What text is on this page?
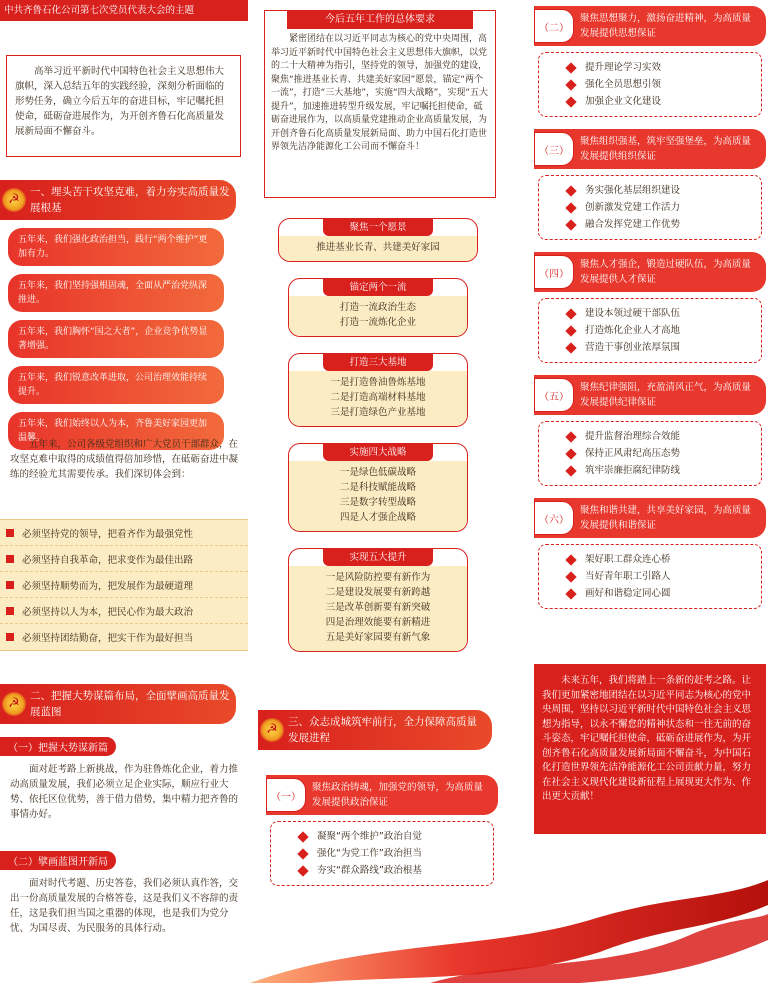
中共齐鲁石化公司第七次党员代表大会的主题
高举习近平新时代中国特色社会主义思想伟大旗帜，深入总结五年的实践经验，深刻分析面临的形势任务，确立今后五年的奋进目标，牢记嘱托担使命，砥砺奋进展作为，为开创齐鲁石化高质量发展新局面不懈奋斗。
☭ 一、埋头苦干攻坚克难，着力夯实高质量发展根基
五年来，我们强化政治担当，践行“两个维护”更加有力。
五年来，我们坚持强根固魂，全面从严治党纵深推进。
五年来，我们胸怀“国之大者”，企业竞争优势显著增强。
五年来，我们锐意改革进取，公司治理效能持续提升。
五年来，我们始终以人为本，齐鲁美好家园更加温馨。
五年来，公司各级党组织和广大党员干部群众，在攻坚克难中取得的成绩值得倍加珍惜，在砥砺奋进中凝练的经验尤其需要传承。我们深切体会到：
必须坚持党的领导，把看齐作为最强党性
必须坚持自我革命，把求变作为最佳出路
必须坚持顺势而为，把发展作为最硬道理
必须坚持以人为本，把民心作为最大政治
必须坚持团结勤奋，把实干作为最好担当
☭ 二、把握大势谋篇布局，全面擘画高质量发展蓝图
（一）把握大势谋新篇
面对赶考路上新挑战，作为驻鲁炼化企业，着力推动高质量发展，我们必须立足企业实际，顺应行业大势、依托区位优势，善于借力借势，集中精力把齐鲁的事情办好。
（二）擘画蓝图开新局
面对时代考题、历史答卷，我们必须认真作答，交出一份高质量发展的合格答卷，这是我们义不容辞的责任，这是我们担当国之重器的体现，也是我们为党分忧、为国尽责、为民服务的具体行动。
今后五年工作的总体要求
紧密团结在以习近平同志为核心的党中央周围，高举习近平新时代中国特色社会主义思想伟大旗帜，以党的二十大精神为指引，坚持党的领导，加强党的建设，聚焦“推进基业长青、共建美好家园”愿景，锚定“两个一流”，打造“三大基地”，实施“四大战略”，实现“五大提升”，加速推进转型升级发展，牢记嘱托担使命，砥砺奋进展作为，以高质量党建推动企业高质量发展，为开创齐鲁石化高质量发展新局面、助力中国石化打造世界领先洁净能源化工公司而不懈奋斗！
聚焦一个愿景
推进基业长青、共建美好家园
锚定两个一流
打造一流政治生态
打造一流炼化企业
打造三大基地
一是打造鲁油鲁炼基地
二是打造高端材料基地
三是打造绿色产业基地
实施四大战略
一是绿色低碳战略
二是科技赋能战略
三是数字转型战略
四是人才强企战略
实现五大提升
一是风险防控要有新作为
二是建设发展要有新跨越
三是改革创新要有新突破
四是治理效能要有新精进
五是美好家园要有新气象
☭ 三、众志成城筑牢前行，全力保障高质量发展进程
（一）
聚焦政治铸魂，加强党的领导，为高质量发展提供政治保证
凝聚“两个维护”政治自觉
强化“为党工作”政治担当
夯实“群众路线”政治根基
（二）
聚焦思想聚力，激扬奋进精神，为高质量发展提供思想保证
提升理论学习实效
强化全员思想引领
加强企业文化建设
（三）
聚焦组织强基，筑牢坚强堡垒，为高质量发展提供组织保证
务实强化基层组织建设
创新激发党建工作活力
融合发挥党建工作优势
（四）
聚焦人才强企，锻造过硬队伍，为高质量发展提供人才保证
建设本领过硬干部队伍
打造炼化企业人才高地
营造干事创业浓厚氛围
（五）
聚焦纪律强阻，充盈清风正气，为高质量发展提供纪律保证
提升监督治理综合效能
保持正风肃纪高压态势
筑牢崇廉拒腐纪律防线
（六）
聚焦和谐共建，共享美好家园，为高质量发展提供和谐保证
架好职工群众连心桥
当好青年职工引路人
画好和谐稳定同心圆
未来五年，我们将踏上一条新的赶考之路。让我们更加紧密地团结在以习近平同志为核心的党中央周围，坚持以习近平新时代中国特色社会主义思想为指导，以永不懈怠的精神状态和一往无前的奋斗姿态，牢记嘱托担使命，砥砺奋进展作为，为开创齐鲁石化高质量发展新局面不懈奋斗，为中国石化打造世界领先洁净能源化工公司贡献力量，努力在社会主义现代化建设新征程上展现更大作为、作出更大贡献！
